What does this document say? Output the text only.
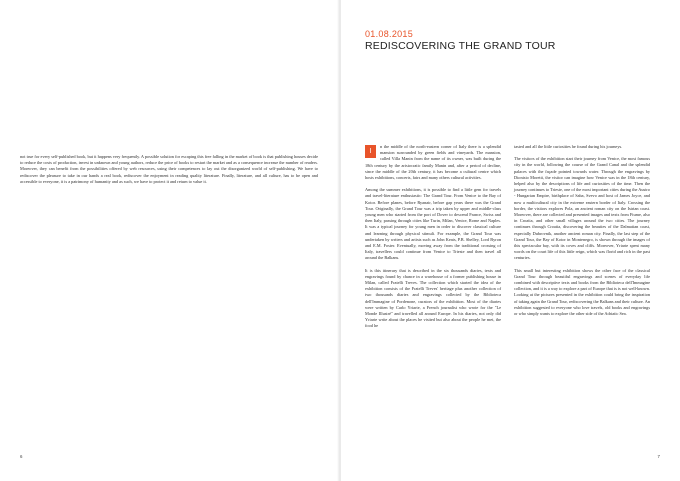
not true for every self-published book, but it happens very frequently. A possible solution for escaping this free falling in the market of book is that publishing houses decide to reduce the costs of production, invest in unknown and young authors, reduce the price of books to restart the market and as a consequence increase the number of readers. Moreover, they can benefit from the possibilities offered by web resources, using their competences to lay out the disorganized world of self-publishing. We have to rediscover the pleasure to take in our hands a real book, rediscover the enjoyment in reading quality literature. Finally, literature, and all culture, has to be open and accessible to everyone, it is a patrimony of humanity and as such, we have to protect it and return to value it.

6
01.08.2015
REDISCOVERING THE GRAND TOUR

I
n the middle of the north-eastern corner of Italy there is a splendid mansion surrounded by green fields and vineyards. The mansion, called Villa Manin from the name of its owner, was built during the 18th century by the aristocratic family Manin and, after a period of decline, since the middle of the 20th century, it has become a cultural centre which hosts exhibitions, concerts, fairs and many others cultural activities.

Among the summer exhibitions, it is possible to find a little gem for travels and travel-literature enthusiastic: The Grand Tour. From Venice to the Bay of Kotor. Before planes, before Ryanair, before gap years there was the Grand Tour. Originally, the Grand Tour was a trip taken by upper and middle-class young men who started from the port of Dover to descend France, Swiss and then Italy, passing through cities like Turin, Milan, Venice, Rome and Naples. It was a typical journey for young men in order to discover classical culture and learning through physical stimuli. For example, the Grand Tour was undertaken by writers and artists such as John Keats, P.B. Shelley, Lord Byron and E.M. Foster. Eventually, moving away from the traditional crossing of Italy, travellers could continue from Venice to Trieste and then travel all around the Balkans.

It is this itinerary that is described in the six thousands diaries, texts and engravings found by chance in a warehouse of a former publishing house in Milan, called Fratelli Treves. The collection which started the idea of the exhibition consists of the Fratelli Treves' heritage plus another collection of two thousands diaries and engravings collected by the Biblioteca dell'Immagine of Pordenone, curators of the exhibition. Most of the diaries were written by Carlo Yriarte, a French journalist who wrote for the "Le Monde Illustré" and travelled all around Europe. In his diaries, not only did Yriarte write about the places he visited but also about the people he met, the food he

tasted and all the little curiosities he found during his journeys.

The visitors of the exhibition start their journey from Venice, the most famous city in the world, following the course of the Grand Canal and the splendid palaces with the façade pointed towards water. Through the engravings by Dionisio Moretti, the visitor can imagine how Venice was in the 18th century, helped also by the descriptions of life and curiosities of the time. Then the journey continues to Trieste, one of the most important cities during the Austro - Hungarian Empire, birthplace of Saba, Svevo and host of James Joyce, and now a multicultural city in the extreme eastern border of Italy. Crossing the border, the visitors explores Pola, an ancient roman city on the Istrian coast. Moreover, there are collected and presented images and texts from Fiume, also in Croatia, and other small villages around the two cities. The journey continues through Croatia, discovering the beauties of the Dalmatian coast, especially Dubrovnik, another ancient roman city. Finally, the last step of the Grand Tour, the Bay of Kotor in Montenegro, is shown through the images of this spectacular bay, with its coves and cliffs. Moreover, Yriarte spent many words on the court life of this little reign, which was florid and rich in the past centuries.

This small but interesting exhibition shows the other face of the classical Grand Tour through beautiful engravings and scenes of everyday life combined with descriptive texts and books from the Biblioteca dell'Immagine collection, and it is a way to explore a part of Europe that is is not well-known. Looking at the pictures presented in the exhibition could bring the inspiration of taking again the Grand Tour, rediscovering the Balkans and their culture. An exhibition suggested to everyone who love travels, old books and engravings or who simply wants to explore the other side of the Adriatic Sea.

7
